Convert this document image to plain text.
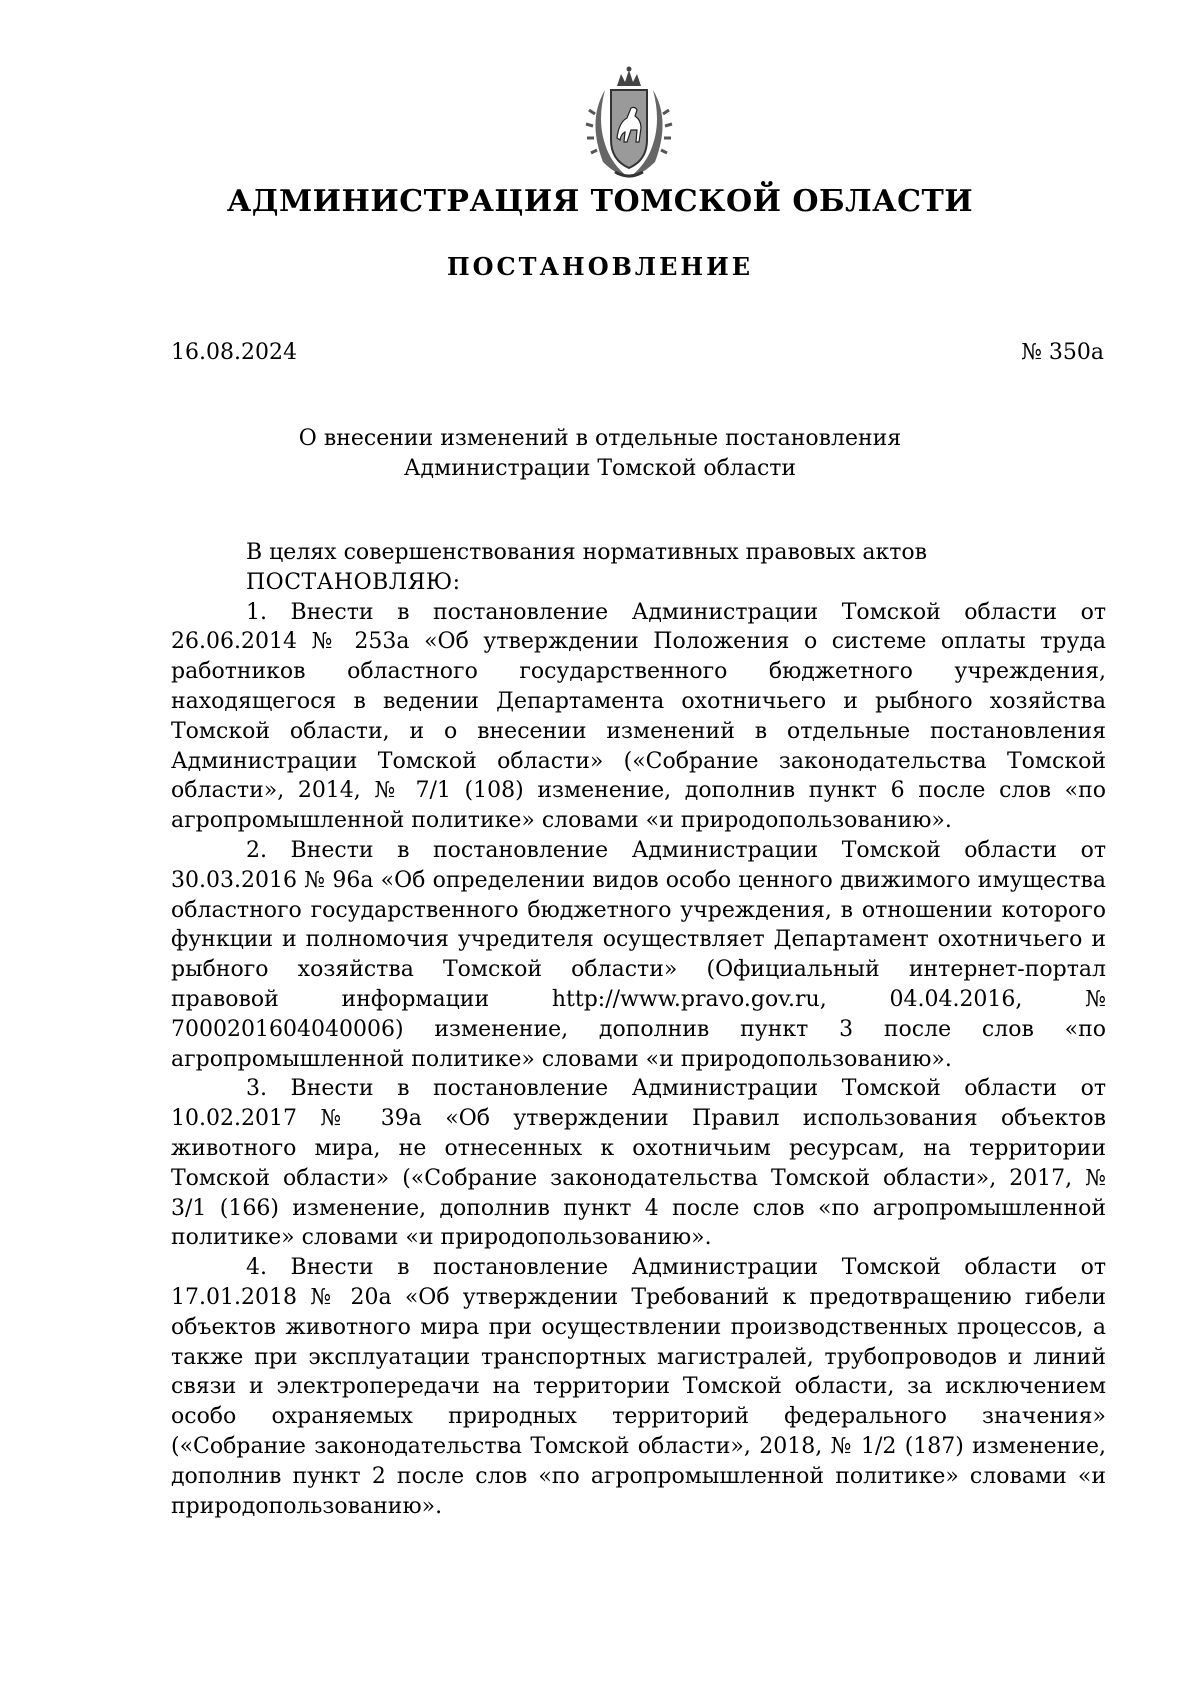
АДМИНИСТРАЦИЯ ТОМСКОЙ ОБЛАСТИ
ПОСТАНОВЛЕНИЕ
16.08.2024	№ 350а
О внесении изменений в отдельные постановления
Администрации Томской области

В целях совершенствования нормативных правовых актов

ПОСТАНОВЛЯЮ:

1. Внести в постановление Администрации Томской области от 26.06.2014 № 253а «Об утверждении Положения о системе оплаты труда работников областного государственного бюджетного учреждения, находящегося в ведении Департамента охотничьего и рыбного хозяйства Томской области, и о внесении изменений в отдельные постановления Администрации Томской области» («Собрание законодательства Томской области», 2014, № 7/1 (108) изменение, дополнив пункт 6 после слов «по агропромышленной политике» словами «и природопользованию».

2. Внести в постановление Администрации Томской области от 30.03.2016 № 96а «Об определении видов особо ценного движимого имущества областного государственного бюджетного учреждения, в отношении которого функции и полномочия учредителя осуществляет Департамент охотничьего и рыбного хозяйства Томской области» (Официальный интернет-портал правовой информации http://www.pravo.gov.ru, 04.04.2016, № 7000201604040006) изменение, дополнив пункт 3 после слов «по агропромышленной политике» словами «и природопользованию».

3. Внести в постановление Администрации Томской области от 10.02.2017 № 39а «Об утверждении Правил использования объектов животного мира, не отнесенных к охотничьим ресурсам, на территории Томской области» («Собрание законодательства Томской области», 2017, № 3/1 (166) изменение, дополнив пункт 4 после слов «по агропромышленной политике» словами «и природопользованию».

4. Внести в постановление Администрации Томской области от 17.01.2018 № 20а «Об утверждении Требований к предотвращению гибели объектов животного мира при осуществлении производственных процессов, а также при эксплуатации транспортных магистралей, трубопроводов и линий связи и электропередачи на территории Томской области, за исключением особо охраняемых природных территорий федерального значения» («Собрание законодательства Томской области», 2018, № 1/2 (187) изменение, дополнив пункт 2 после слов «по агропромышленной политике» словами «и природопользованию».
